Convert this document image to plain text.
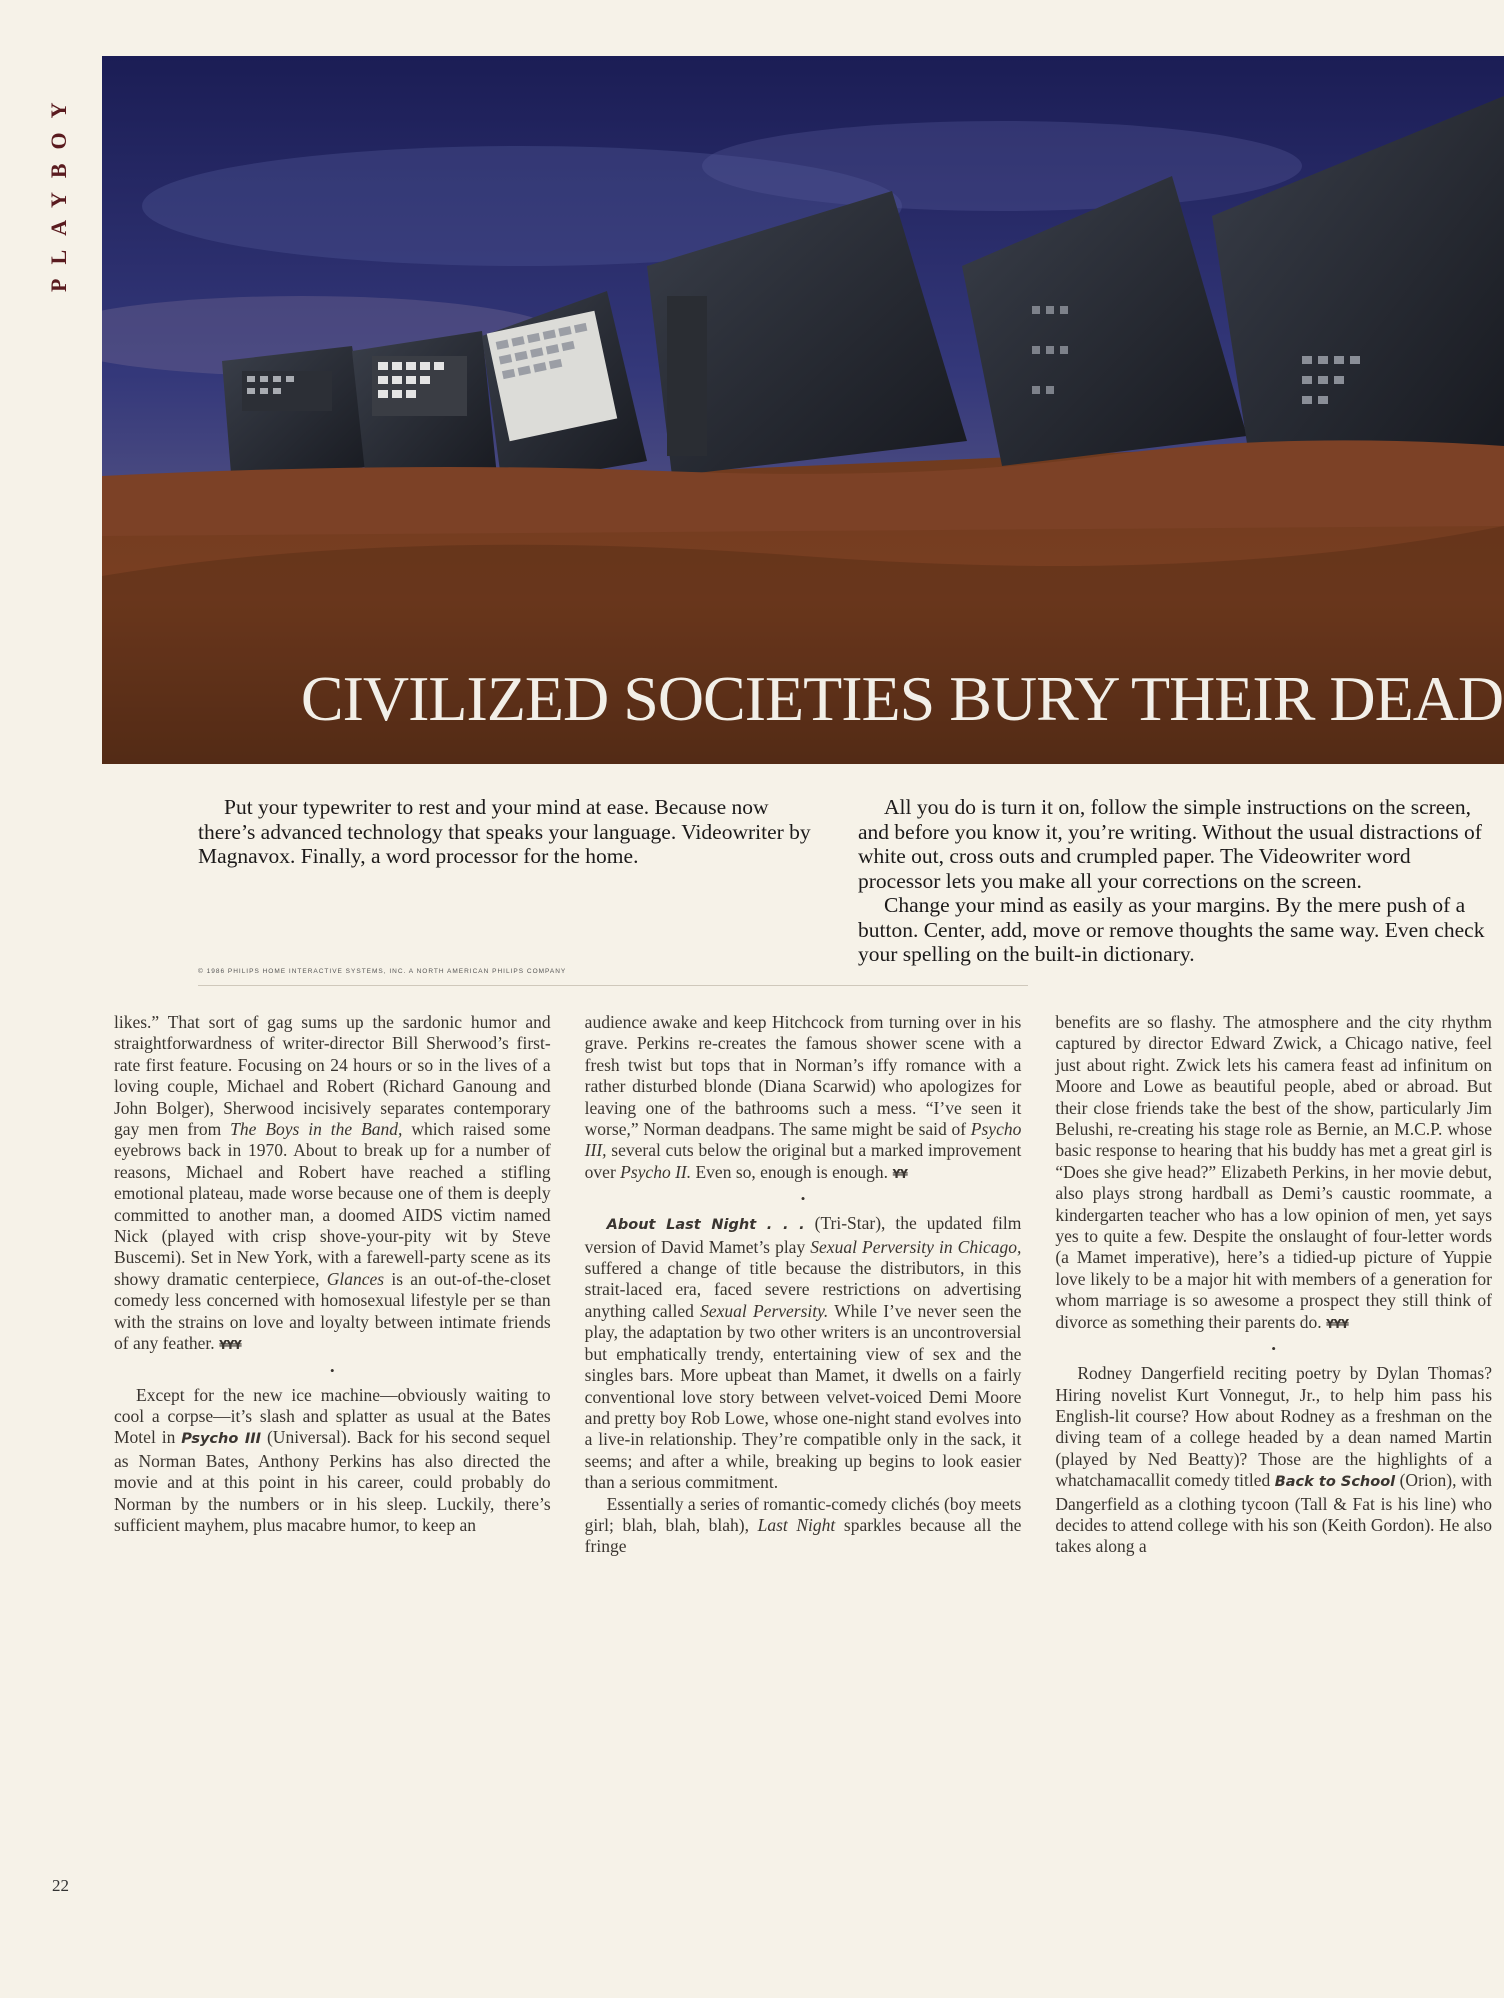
PLAYBOY
CIVILIZED SOCIETIES BURY THEIR DEAD

Put your typewriter to rest and your mind at ease. Because now there’s advanced technology that speaks your language. Videowriter by Magnavox. Finally, a word processor for the home.

All you do is turn it on, follow the simple instructions on the screen, and before you know it, you’re writing. Without the usual distractions of white out, cross outs and crumpled paper. The Videowriter word processor lets you make all your corrections on the screen.

Change your mind as easily as your margins. By the mere push of a button. Center, add, move or remove thoughts the same way. Even check your spelling on the built-in dictionary.

© 1986 PHILIPS HOME INTERACTIVE SYSTEMS, INC. A NORTH AMERICAN PHILIPS COMPANY

likes.” That sort of gag sums up the sardonic humor and straightforwardness of writer-director Bill Sherwood’s first-rate first feature. Focusing on 24 hours or so in the lives of a loving couple, Michael and Robert (Richard Ganoung and John Bolger), Sherwood incisively separates contemporary gay men from The Boys in the Band, which raised some eyebrows back in 1970. About to break up for a number of reasons, Michael and Robert have reached a stifling emotional plateau, made worse because one of them is deeply committed to another man, a doomed AIDS victim named Nick (played with crisp shove-your-pity wit by Steve Buscemi). Set in New York, with a farewell-party scene as its showy dramatic centerpiece, Glances is an out-of-the-closet comedy less concerned with homosexual lifestyle per se than with the strains on love and loyalty between intimate friends of any feather. ¥¥¥

•

Except for the new ice machine—obviously waiting to cool a corpse—it’s slash and splatter as usual at the Bates Motel in Psycho III (Universal). Back for his second sequel as Norman Bates, Anthony Perkins has also directed the movie and at this point in his career, could probably do Norman by the numbers or in his sleep. Luckily, there’s sufficient mayhem, plus macabre humor, to keep an

audience awake and keep Hitchcock from turning over in his grave. Perkins re-creates the famous shower scene with a fresh twist but tops that in Norman’s iffy romance with a rather disturbed blonde (Diana Scarwid) who apologizes for leaving one of the bathrooms such a mess. “I’ve seen it worse,” Norman deadpans. The same might be said of Psycho III, several cuts below the original but a marked improvement over Psycho II. Even so, enough is enough. ¥¥

•

About Last Night . . . (Tri-Star), the updated film version of David Mamet’s play Sexual Perversity in Chicago, suffered a change of title because the distributors, in this strait-laced era, faced severe restrictions on advertising anything called Sexual Perversity. While I’ve never seen the play, the adaptation by two other writers is an uncontroversial but emphatically trendy, entertaining view of sex and the singles bars. More upbeat than Mamet, it dwells on a fairly conventional love story between velvet-voiced Demi Moore and pretty boy Rob Lowe, whose one-night stand evolves into a live-in relationship. They’re compatible only in the sack, it seems; and after a while, breaking up begins to look easier than a serious commitment.

Essentially a series of romantic-comedy clichés (boy meets girl; blah, blah, blah), Last Night sparkles because all the fringe

benefits are so flashy. The atmosphere and the city rhythm captured by director Edward Zwick, a Chicago native, feel just about right. Zwick lets his camera feast ad infinitum on Moore and Lowe as beautiful people, abed or abroad. But their close friends take the best of the show, particularly Jim Belushi, re-creating his stage role as Bernie, an M.C.P. whose basic response to hearing that his buddy has met a great girl is “Does she give head?” Elizabeth Perkins, in her movie debut, also plays strong hardball as Demi’s caustic roommate, a kindergarten teacher who has a low opinion of men, yet says yes to quite a few. Despite the onslaught of four-letter words (a Mamet imperative), here’s a tidied-up picture of Yuppie love likely to be a major hit with members of a generation for whom marriage is so awesome a prospect they still think of divorce as something their parents do. ¥¥¥

•

Rodney Dangerfield reciting poetry by Dylan Thomas? Hiring novelist Kurt Vonnegut, Jr., to help him pass his English-lit course? How about Rodney as a freshman on the diving team of a college headed by a dean named Martin (played by Ned Beatty)? Those are the highlights of a whatchamacallit comedy titled Back to School (Orion), with Dangerfield as a clothing tycoon (Tall & Fat is his line) who decides to attend college with his son (Keith Gordon). He also takes along a

22
